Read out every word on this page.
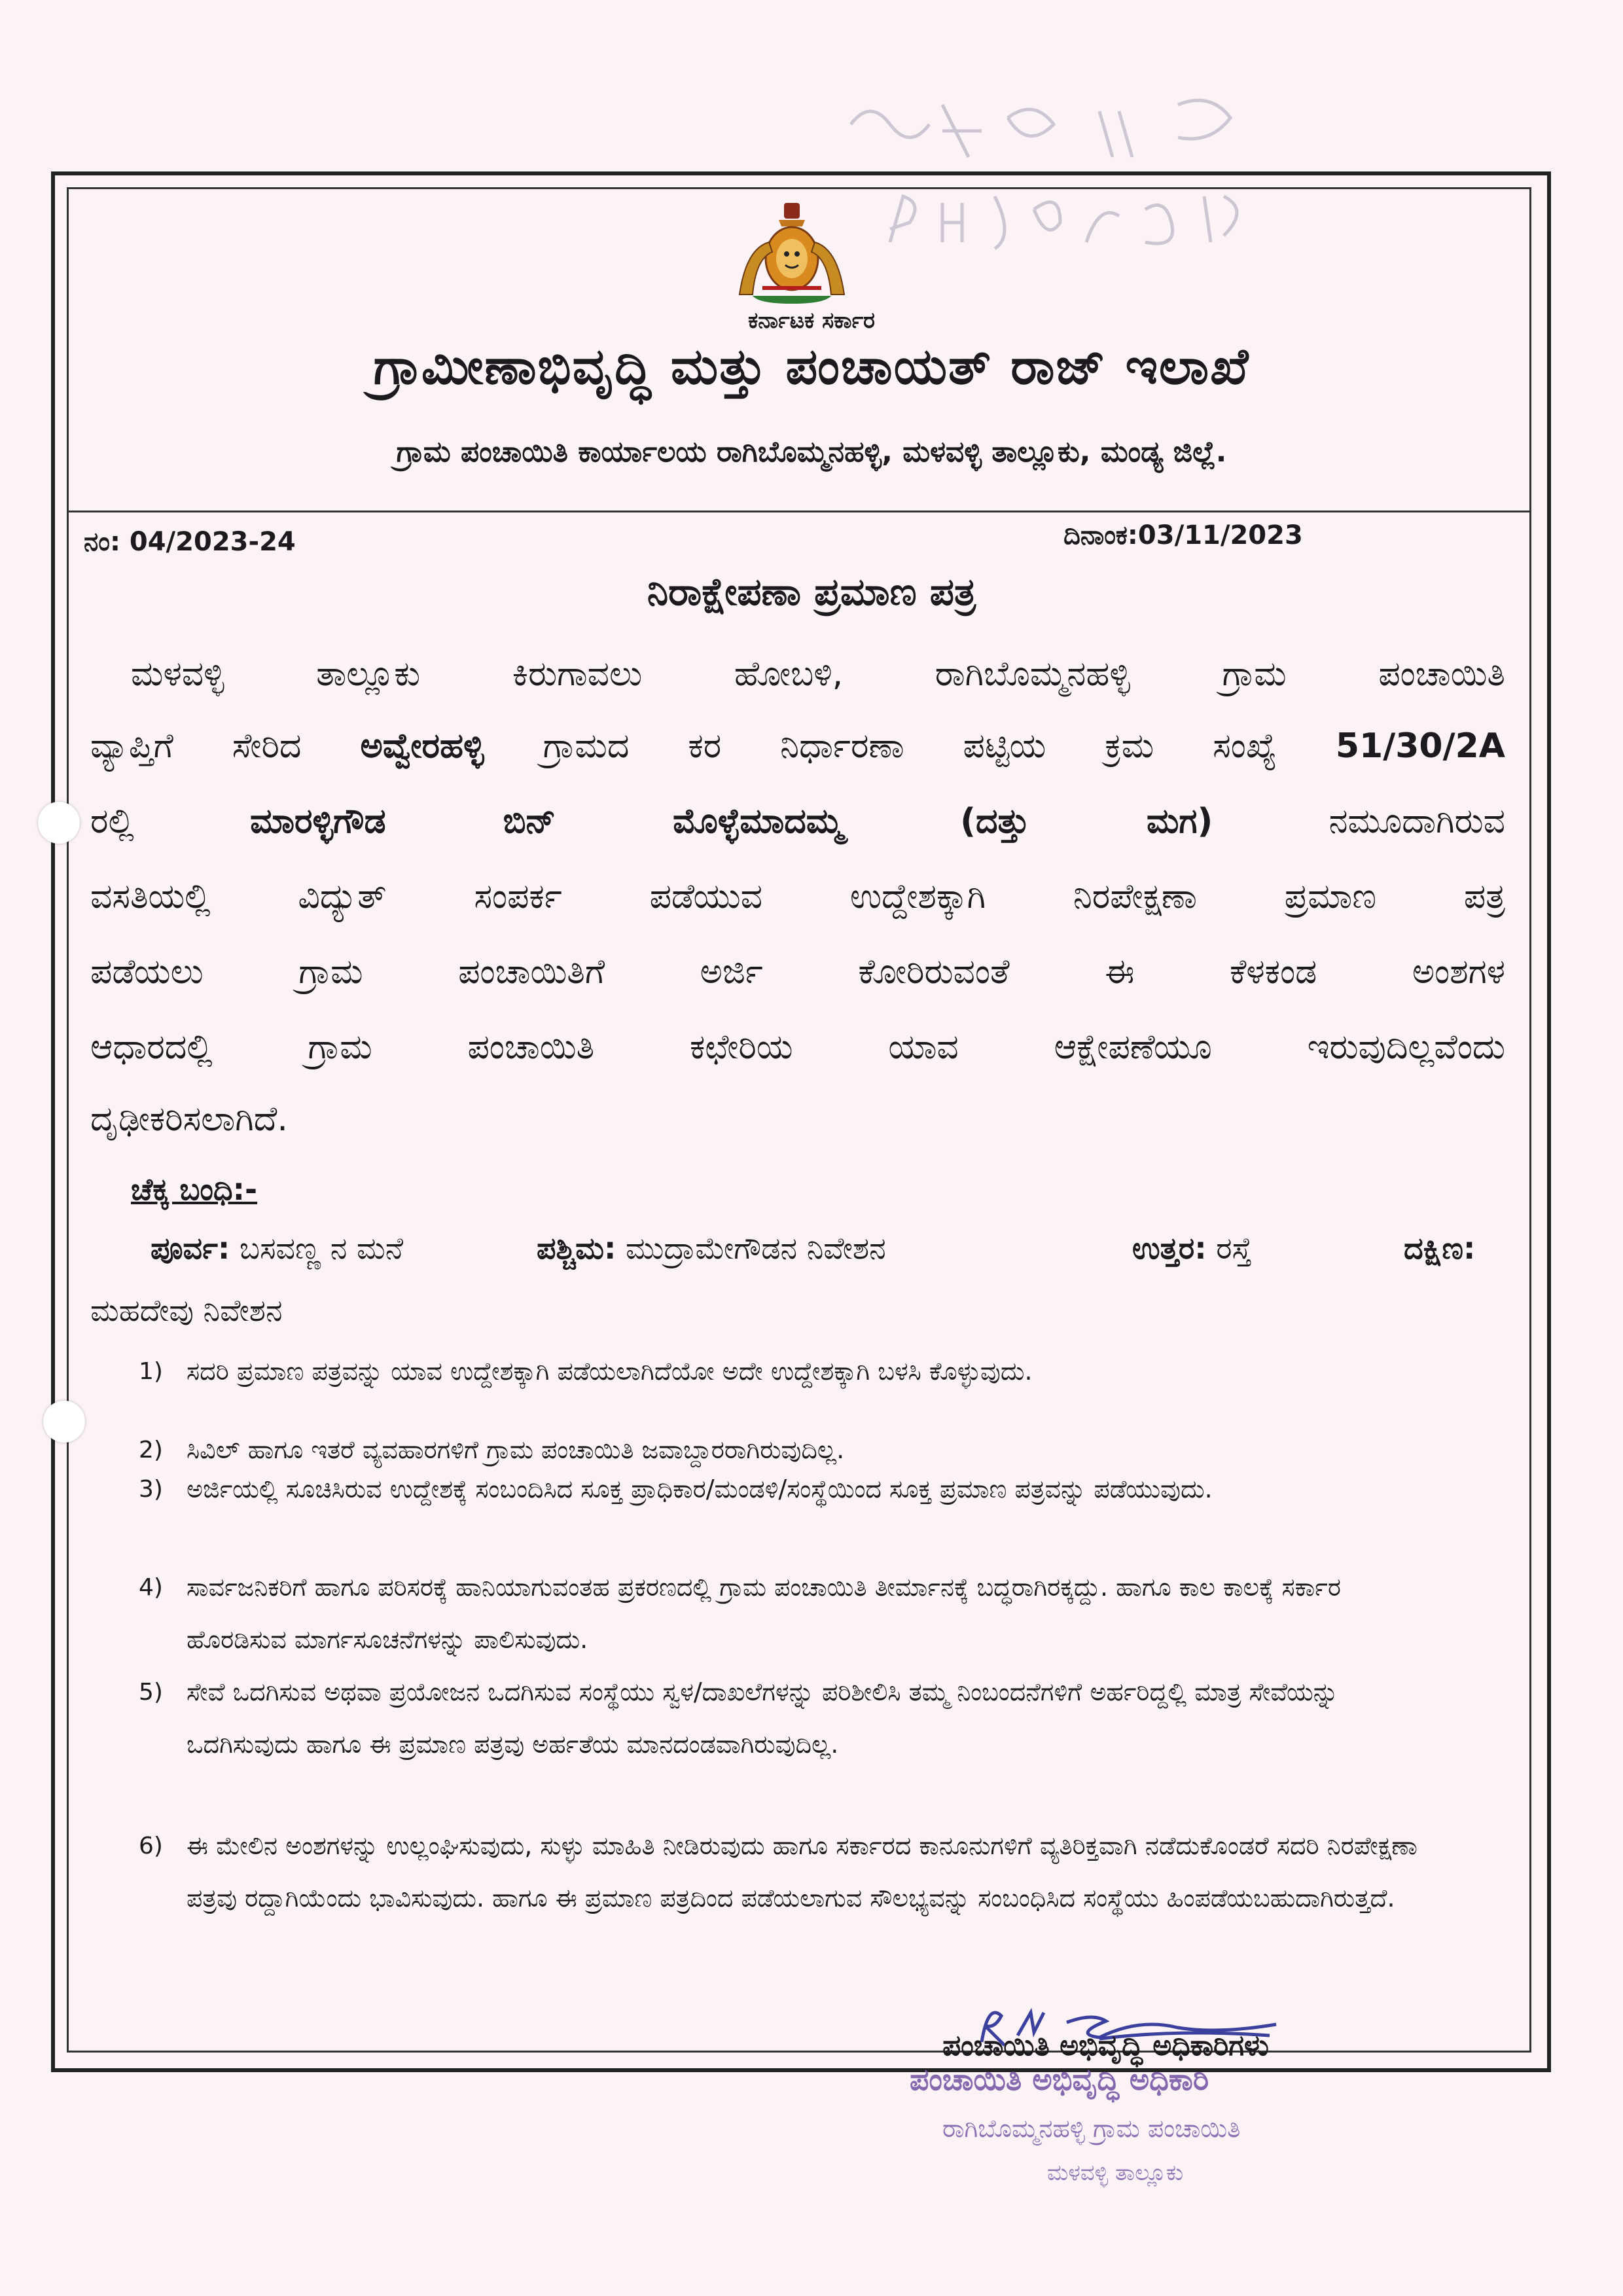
ಕರ್ನಾಟಕ ಸರ್ಕಾರ
ಗ್ರಾಮೀಣಾಭಿವೃದ್ಧಿ ಮತ್ತು ಪಂಚಾಯತ್ ರಾಜ್ ಇಲಾಖೆ
ಗ್ರಾಮ ಪಂಚಾಯಿತಿ ಕಾರ್ಯಾಲಯ ರಾಗಿಬೊಮ್ಮನಹಳ್ಳಿ, ಮಳವಳ್ಳಿ ತಾಲ್ಲೂಕು, ಮಂಡ್ಯ ಜಿಲ್ಲೆ.
ನಂ: 04/2023-24	ದಿನಾಂಕ:03/11/2023
ನಿರಾಕ್ಷೇಪಣಾ ಪ್ರಮಾಣ ಪತ್ರ
ಮಳವಳ್ಳಿ ತಾಲ್ಲೂಕು ಕಿರುಗಾವಲು ಹೋಬಳಿ, ರಾಗಿಬೊಮ್ಮನಹಳ್ಳಿ ಗ್ರಾಮ ಪಂಚಾಯಿತಿ
ವ್ಯಾಪ್ತಿಗೆ ಸೇರಿದ ಅವ್ವೇರಹಳ್ಳಿ ಗ್ರಾಮದ ಕರ ನಿರ್ಧಾರಣಾ ಪಟ್ಟಿಯ ಕ್ರಮ ಸಂಖ್ಯೆ 51/30/2A
ರಲ್ಲಿ ಮಾರಳ್ಳಿಗೌಡ ಬಿನ್ ಮೊಳ್ಳೆಮಾದಮ್ಮ (ದತ್ತು ಮಗ) ನಮೂದಾಗಿರುವ
ವಸತಿಯಲ್ಲಿ ವಿದ್ಯುತ್ ಸಂಪರ್ಕ ಪಡೆಯುವ ಉದ್ದೇಶಕ್ಕಾಗಿ ನಿರಪೇಕ್ಷಣಾ ಪ್ರಮಾಣ ಪತ್ರ
ಪಡೆಯಲು ಗ್ರಾಮ ಪಂಚಾಯಿತಿಗೆ ಅರ್ಜಿ ಕೋರಿರುವಂತೆ ಈ ಕೆಳಕಂಡ ಅಂಶಗಳ
ಆಧಾರದಲ್ಲಿ ಗ್ರಾಮ ಪಂಚಾಯಿತಿ ಕಛೇರಿಯ ಯಾವ ಆಕ್ಷೇಪಣೆಯೂ ಇರುವುದಿಲ್ಲವೆಂದು
ದೃಢೀಕರಿಸಲಾಗಿದೆ.
ಚೆಕ್ಕ ಬಂಧಿ:-
ಪೂರ್ವ: ಬಸವಣ್ಣ ನ ಮನೆ	ಪಶ್ಚಿಮ: ಮುದ್ರಾಮೇಗೌಡನ ನಿವೇಶನ	ಉತ್ತರ: ರಸ್ತೆ	ದಕ್ಷಿಣ:
ಮಹದೇವು ನಿವೇಶನ
1) ಸದರಿ ಪ್ರಮಾಣ ಪತ್ರವನ್ನು ಯಾವ ಉದ್ದೇಶಕ್ಕಾಗಿ ಪಡೆಯಲಾಗಿದೆಯೋ ಅದೇ ಉದ್ದೇಶಕ್ಕಾಗಿ ಬಳಸಿ ಕೊಳ್ಳುವುದು.
2) ಸಿವಿಲ್ ಹಾಗೂ ಇತರೆ ವ್ಯವಹಾರಗಳಿಗೆ ಗ್ರಾಮ ಪಂಚಾಯಿತಿ ಜವಾಬ್ದಾರರಾಗಿರುವುದಿಲ್ಲ.
3) ಅರ್ಜಿಯಲ್ಲಿ ಸೂಚಿಸಿರುವ ಉದ್ದೇಶಕ್ಕೆ ಸಂಬಂದಿಸಿದ ಸೂಕ್ತ ಪ್ರಾಧಿಕಾರ/ಮಂಡಳಿ/ಸಂಸ್ಥೆಯಿಂದ ಸೂಕ್ತ ಪ್ರಮಾಣ ಪತ್ರವನ್ನು ಪಡೆಯುವುದು.
4) ಸಾರ್ವಜನಿಕರಿಗೆ ಹಾಗೂ ಪರಿಸರಕ್ಕೆ ಹಾನಿಯಾಗುವಂತಹ ಪ್ರಕರಣದಲ್ಲಿ ಗ್ರಾಮ ಪಂಚಾಯಿತಿ ತೀರ್ಮಾನಕ್ಕೆ ಬದ್ಧರಾಗಿರಕ್ಕದ್ದು. ಹಾಗೂ ಕಾಲ ಕಾಲಕ್ಕೆ ಸರ್ಕಾರ ಹೊರಡಿಸುವ ಮಾರ್ಗಸೂಚನೆಗಳನ್ನು ಪಾಲಿಸುವುದು.
5) ಸೇವೆ ಒದಗಿಸುವ ಅಥವಾ ಪ್ರಯೋಜನ ಒದಗಿಸುವ ಸಂಸ್ಥೆಯು ಸ್ವಳ/ದಾಖಲೆಗಳನ್ನು ಪರಿಶೀಲಿಸಿ ತಮ್ಮ ನಿಂಬಂದನೆಗಳಿಗೆ ಅರ್ಹರಿದ್ದಲ್ಲಿ ಮಾತ್ರ ಸೇವೆಯನ್ನು ಒದಗಿಸುವುದು ಹಾಗೂ ಈ ಪ್ರಮಾಣ ಪತ್ರವು ಅರ್ಹತೆಯ ಮಾನದಂಡವಾಗಿರುವುದಿಲ್ಲ.
6) ಈ ಮೇಲಿನ ಅಂಶಗಳನ್ನು ಉಲ್ಲಂಘಿಸುವುದು, ಸುಳ್ಳು ಮಾಹಿತಿ ನೀಡಿರುವುದು ಹಾಗೂ ಸರ್ಕಾರದ ಕಾನೂನುಗಳಿಗೆ ವ್ಯತಿರಿಕ್ತವಾಗಿ ನಡೆದುಕೊಂಡರೆ ಸದರಿ ನಿರಪೇಕ್ಷಣಾ ಪತ್ರವು ರದ್ದಾಗಿಯೆಂದು ಭಾವಿಸುವುದು. ಹಾಗೂ ಈ ಪ್ರಮಾಣ ಪತ್ರದಿಂದ ಪಡೆಯಲಾಗುವ ಸೌಲಭ್ಯವನ್ನು ಸಂಬಂಧಿಸಿದ ಸಂಸ್ಥೆಯು ಹಿಂಪಡೆಯಬಹುದಾಗಿರುತ್ತದೆ.
ಪಂಚಾಯಿತಿ ಅಭಿವೃದ್ಧಿ ಅಧಿಕಾರಿಗಳು
ಪಂಚಾಯಿತಿ ಅಭಿವೃದ್ಧಿ ಅಧಿಕಾರಿ
ರಾಗಿಬೊಮ್ಮನಹಳ್ಳಿ ಗ್ರಾಮ ಪಂಚಾಯಿತಿ
ಮಳವಳ್ಳಿ ತಾಲ್ಲೂಕು
